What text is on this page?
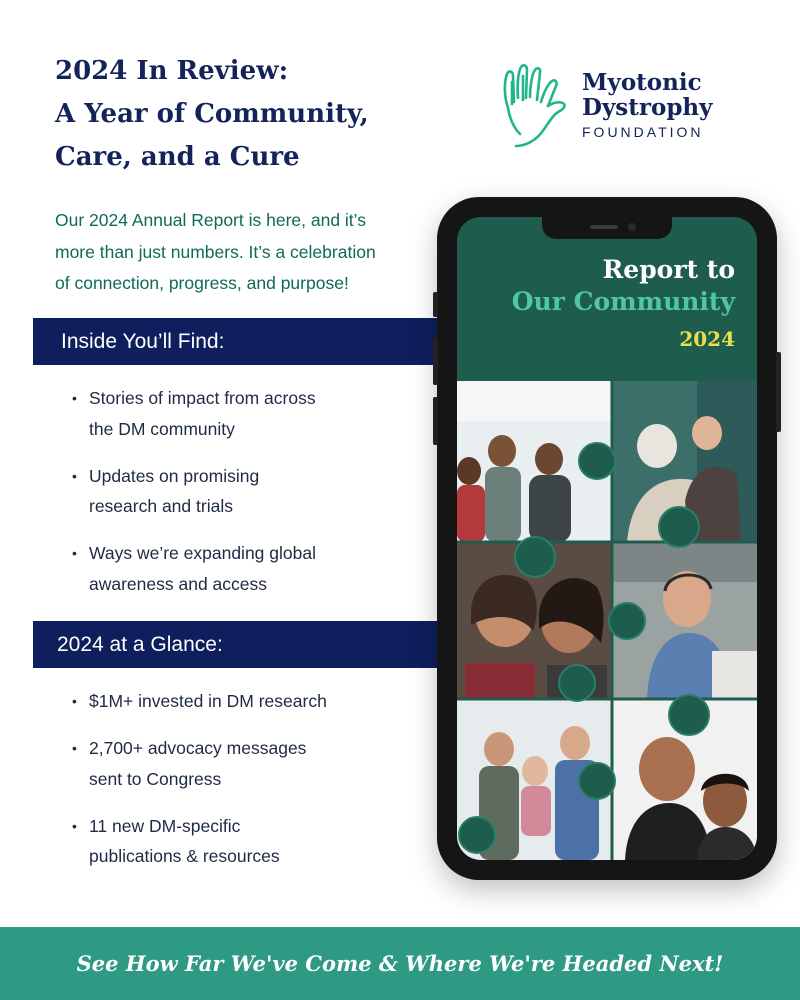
2024 In Review:
A Year of Community,
Care, and a Cure
Myotonic
Dystrophy
FOUNDATION
Our 2024 Annual Report is here, and it’s
more than just numbers. It’s a celebration
of connection, progress, and purpose!
Inside You’ll Find:
• Stories of impact from across
the DM community
• Updates on promising
research and trials
• Ways we’re expanding global
awareness and access
2024 at a Glance:
• $1M+ invested in DM research
• 2,700+ advocacy messages
sent to Congress
• 11 new DM-specific
publications & resources
Report to
Our Community
2024
See How Far We've Come & Where We're Headed Next!
